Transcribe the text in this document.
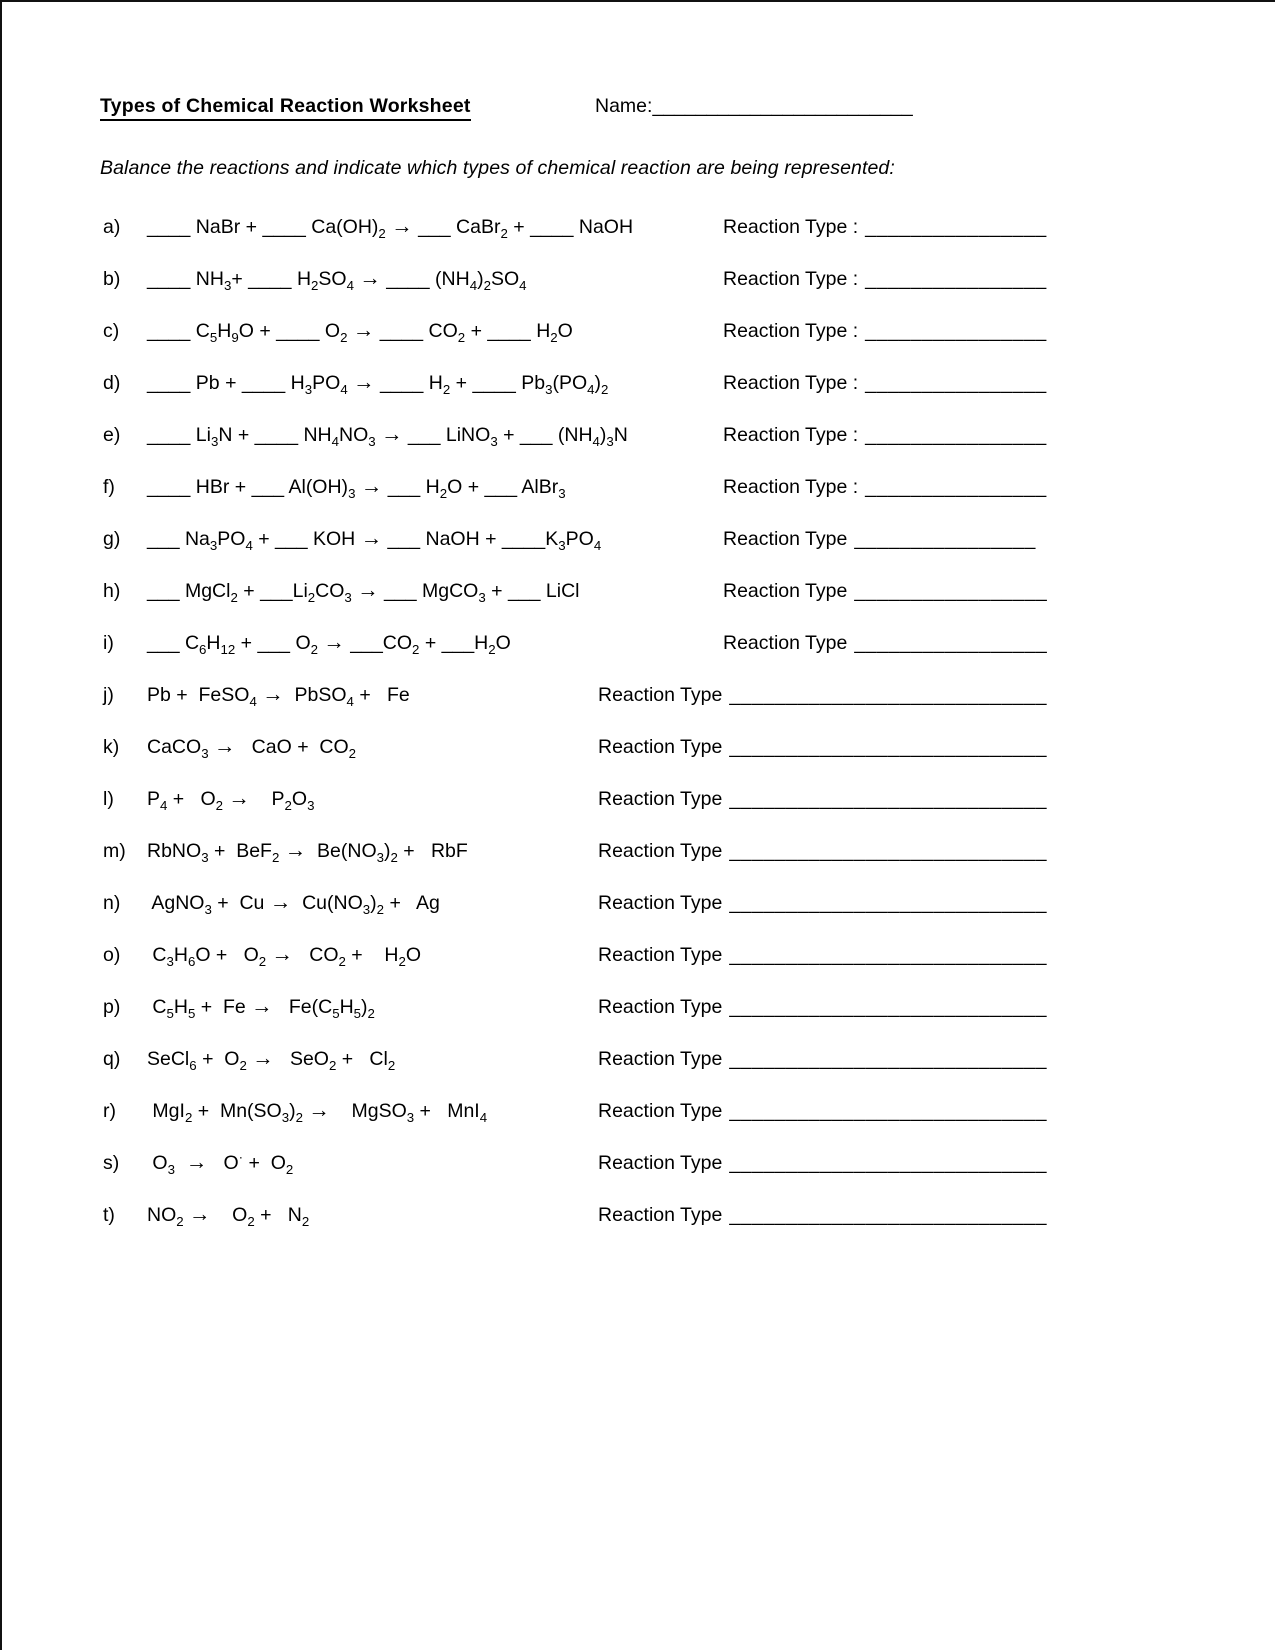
Types of Chemical Reaction Worksheet	Name:________________________
Balance the reactions and indicate which types of chemical reaction are being represented:
a)	____ NaBr + ____ $Ca(OH)_2$ → ___ CaBr$_2$ + ____ NaOH	Reaction Type : ________________
b)	____ $NH_3+$ ____ $H_2SO_4$ → ____ $(NH_4)_2SO_4$	Reaction Type : ________________
c)	____ $C_5H_9O$ + ____ $O_2$ → ____ $CO_2$ + ____ $H_2O$	Reaction Type : ________________
d)	____ Pb + ____ $H_3PO_4$ → ____ $H_2$ + ____ $Pb_3(PO_4)_2$	Reaction Type : ________________
e)	____ $Li_3N$ + ____ $NH_4NO_3$ → ___ LiNO$_3$ + ___ $(NH_4)_3N$	Reaction Type : ________________
f)	____ HBr + ___ $Al(OH)_3$ → ___ $H_2O$ + ___ AlBr$_3$	Reaction Type : ________________
g)	___ $Na_3PO_4$ + ___ KOH → ___ NaOH + $\_\_\_\_K_3PO_4$	Reaction Type ________________
h)	___ MgCl$_2$ + $\_\_\_Li_2CO_3$ → ___ MgCO$_3$ + ___ LiCl	Reaction Type _________________
i)	___ $C_6H_{12}$ + ___ $O_2$ → $\_\_\_CO_2$ + $\_\_\_H_2O$	Reaction Type _________________
j)	Pb +  FeSO$_4$ →  PbSO$_4$ +   Fe	Reaction Type ____________________________
k)	CaCO$_3$ →   CaO +  $CO_2$	Reaction Type ____________________________
l)	$P_4 + O_2$ →    $P_2O_3$	Reaction Type ____________________________
m)	RbNO$_3$ +  $BeF_2 \to Be(NO_3)_2$ +   RbF	Reaction Type ____________________________
n)	AgNO$_3$ +  $Cu \to Cu(NO_3)_2 + Ag$	Reaction Type ____________________________
o)	$C_3H_6O + O_2 \to CO_2$ +    $H_2O$	Reaction Type ____________________________
p)	$C_5H_5 + Fe \to Fe(C_5H_5)_2$	Reaction Type ____________________________
q)	SeCl$_6$ +  $O_2 \to SeO_2 + Cl_2$	Reaction Type ____________________________
r)	$MgI_2 + Mn(SO_3)_2$ →    MgSO$_3$ +   MnI$_4$	Reaction Type ____________________________
s)	$O_3 \to O^\cdot + O_2$	Reaction Type ____________________________
t)	$NO_2$ →    $O_2 + N_2$	Reaction Type ____________________________
